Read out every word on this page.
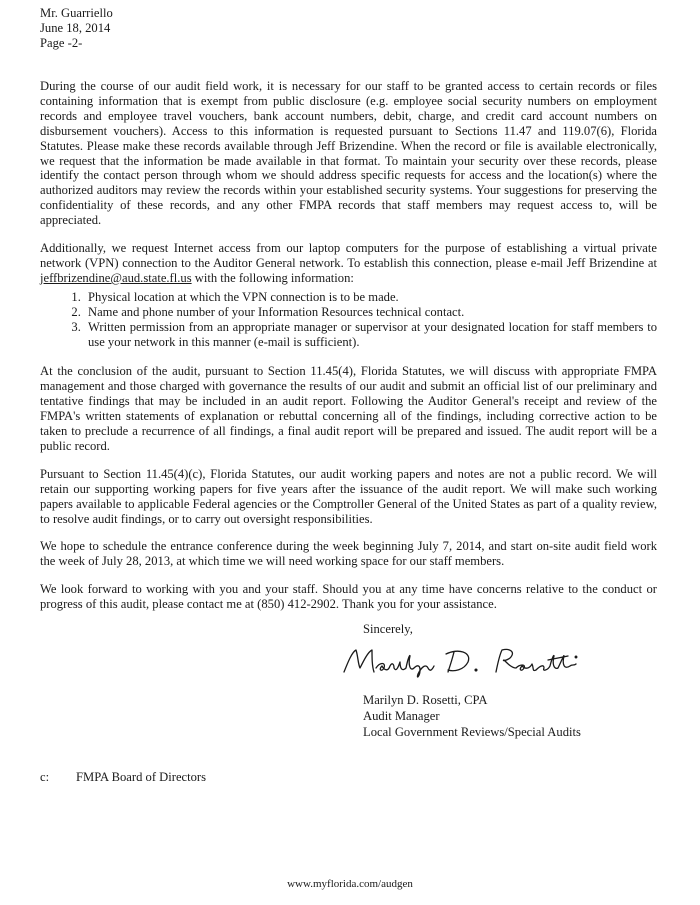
Mr. Guarriello
June 18, 2014
Page -2-

During the course of our audit field work, it is necessary for our staff to be granted access to certain records or files containing information that is exempt from public disclosure (e.g. employee social security numbers on employment records and employee travel vouchers, bank account numbers, debit, charge, and credit card account numbers on disbursement vouchers). Access to this information is requested pursuant to Sections 11.47 and 119.07(6), Florida Statutes. Please make these records available through Jeff Brizendine. When the record or file is available electronically, we request that the information be made available in that format. To maintain your security over these records, please identify the contact person through whom we should address specific requests for access and the location(s) where the authorized auditors may review the records within your established security systems. Your suggestions for preserving the confidentiality of these records, and any other FMPA records that staff members may request access to, will be appreciated.

Additionally, we request Internet access from our laptop computers for the purpose of establishing a virtual private network (VPN) connection to the Auditor General network. To establish this connection, please e-mail Jeff Brizendine at jeffbrizendine@aud.state.fl.us with the following information:

1. Physical location at which the VPN connection is to be made.
2. Name and phone number of your Information Resources technical contact.
3. Written permission from an appropriate manager or supervisor at your designated location for staff members to use your network in this manner (e-mail is sufficient).

At the conclusion of the audit, pursuant to Section 11.45(4), Florida Statutes, we will discuss with appropriate FMPA management and those charged with governance the results of our audit and submit an official list of our preliminary and tentative findings that may be included in an audit report. Following the Auditor General's receipt and review of the FMPA's written statements of explanation or rebuttal concerning all of the findings, including corrective action to be taken to preclude a recurrence of all findings, a final audit report will be prepared and issued. The audit report will be a public record.

Pursuant to Section 11.45(4)(c), Florida Statutes, our audit working papers and notes are not a public record. We will retain our supporting working papers for five years after the issuance of the audit report. We will make such working papers available to applicable Federal agencies or the Comptroller General of the United States as part of a quality review, to resolve audit findings, or to carry out oversight responsibilities.

We hope to schedule the entrance conference during the week beginning July 7, 2014, and start on-site audit field work the week of July 28, 2013, at which time we will need working space for our staff members.

We look forward to working with you and your staff. Should you at any time have concerns relative to the conduct or progress of this audit, please contact me at (850) 412-2902. Thank you for your assistance.

Sincerely,
Marilyn D. Rosetti, CPA
Audit Manager
Local Government Reviews/Special Audits
c: FMPA Board of Directors
www.myflorida.com/audgen
